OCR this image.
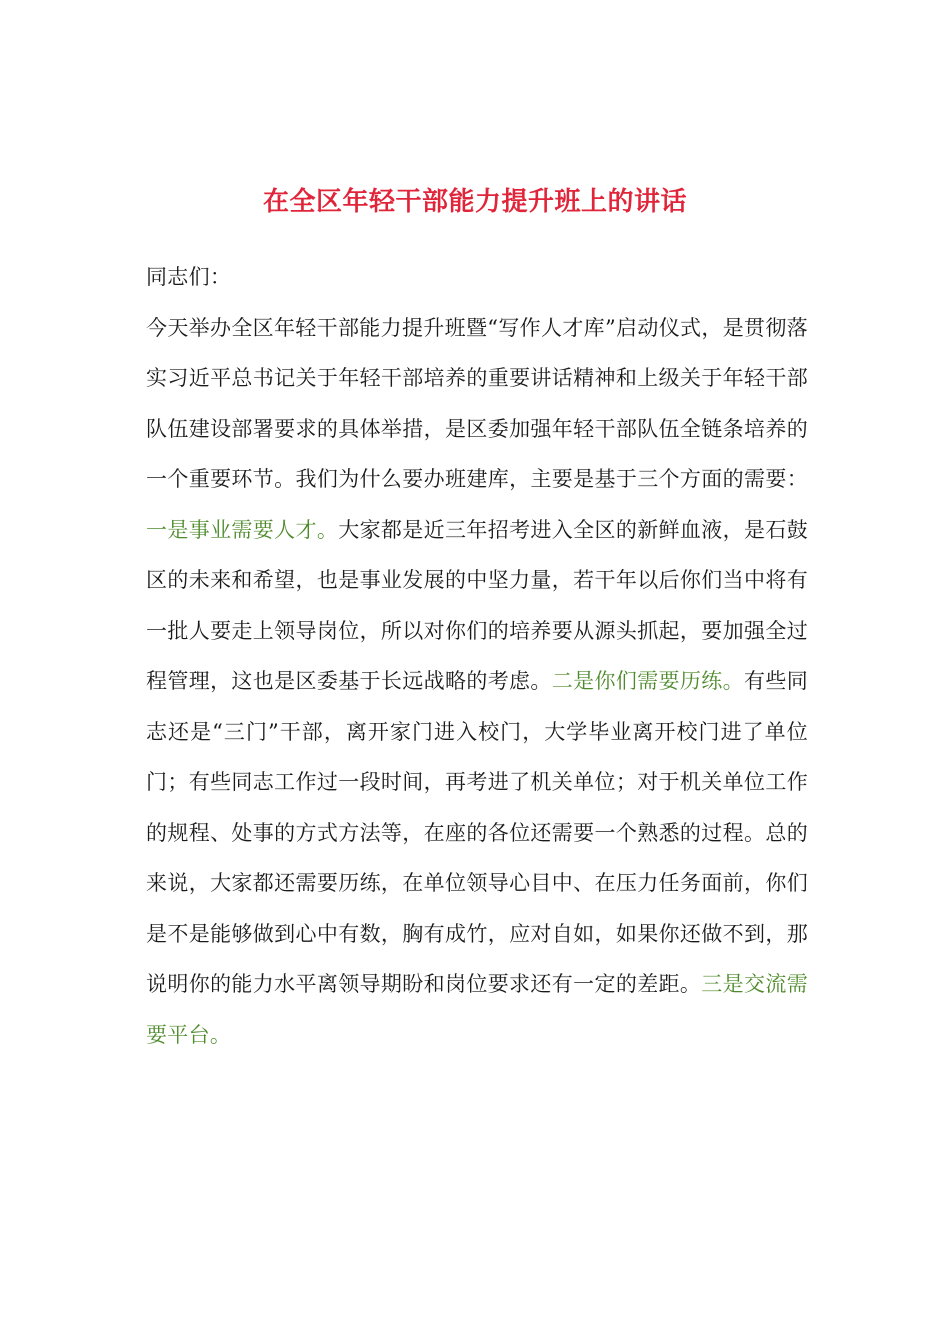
在全区年轻干部能力提升班上的讲话
同志们：

今天举办全区年轻干部能力提升班暨“写作人才库”启动仪式，是贯彻落实习近平总书记关于年轻干部培养的重要讲话精神和上级关于年轻干部队伍建设部署要求的具体举措，是区委加强年轻干部队伍全链条培养的一个重要环节。我们为什么要办班建库，主要是基于三个方面的需要：一是事业需要人才。大家都是近三年招考进入全区的新鲜血液，是石鼓区的未来和希望，也是事业发展的中坚力量，若干年以后你们当中将有一批人要走上领导岗位，所以对你们的培养要从源头抓起，要加强全过程管理，这也是区委基于长远战略的考虑。二是你们需要历练。有些同志还是“三门”干部，离开家门进入校门，大学毕业离开校门进了单位门；有些同志工作过一段时间，再考进了机关单位；对于机关单位工作的规程、处事的方式方法等，在座的各位还需要一个熟悉的过程。总的来说，大家都还需要历练，在单位领导心目中、在压力任务面前，你们是不是能够做到心中有数，胸有成竹，应对自如，如果你还做不到，那说明你的能力水平离领导期盼和岗位要求还有一定的差距。三是交流需要平台。
